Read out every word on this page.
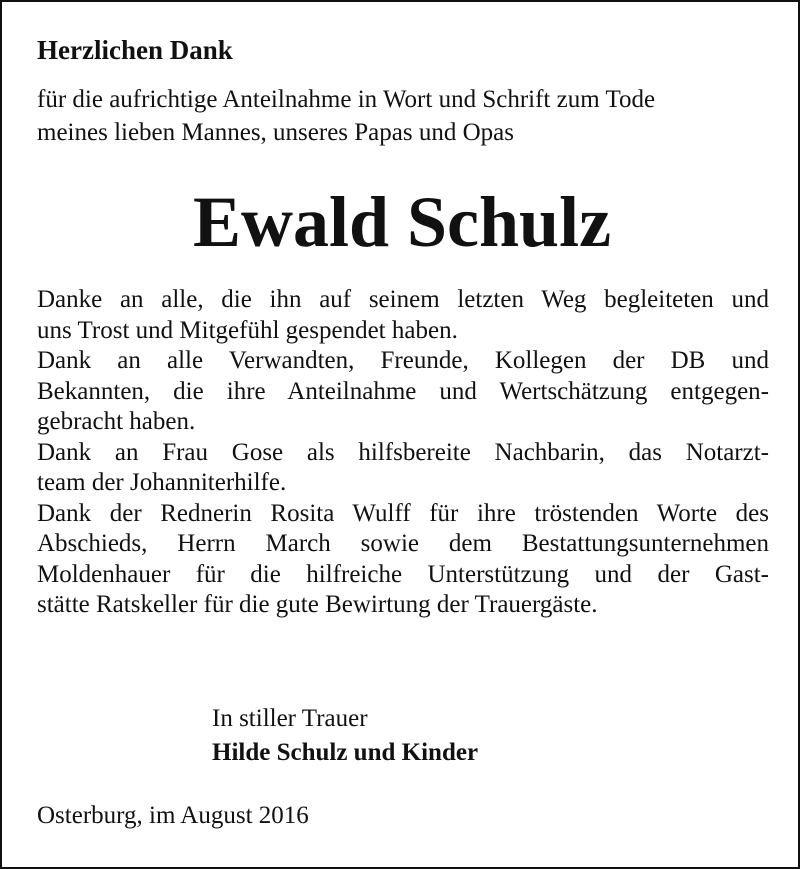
Herzlichen Dank
für die aufrichtige Anteilnahme in Wort und Schrift zum Tode
meines lieben Mannes, unseres Papas und Opas
Ewald Schulz
Danke an alle, die ihn auf seinem letzten Weg begleiteten und
uns Trost und Mitgefühl gespendet haben.
Dank an alle Verwandten, Freunde, Kollegen der DB und
Bekannten, die ihre Anteilnahme und Wertschätzung entgegen-
gebracht haben.
Dank an Frau Gose als hilfsbereite Nachbarin, das Notarzt-
team der Johanniterhilfe.
Dank der Rednerin Rosita Wulff für ihre tröstenden Worte des
Abschieds, Herrn March sowie dem Bestattungsunternehmen
Moldenhauer für die hilfreiche Unterstützung und der Gast-
stätte Ratskeller für die gute Bewirtung der Trauergäste.
In stiller Trauer
Hilde Schulz und Kinder
Osterburg, im August 2016
